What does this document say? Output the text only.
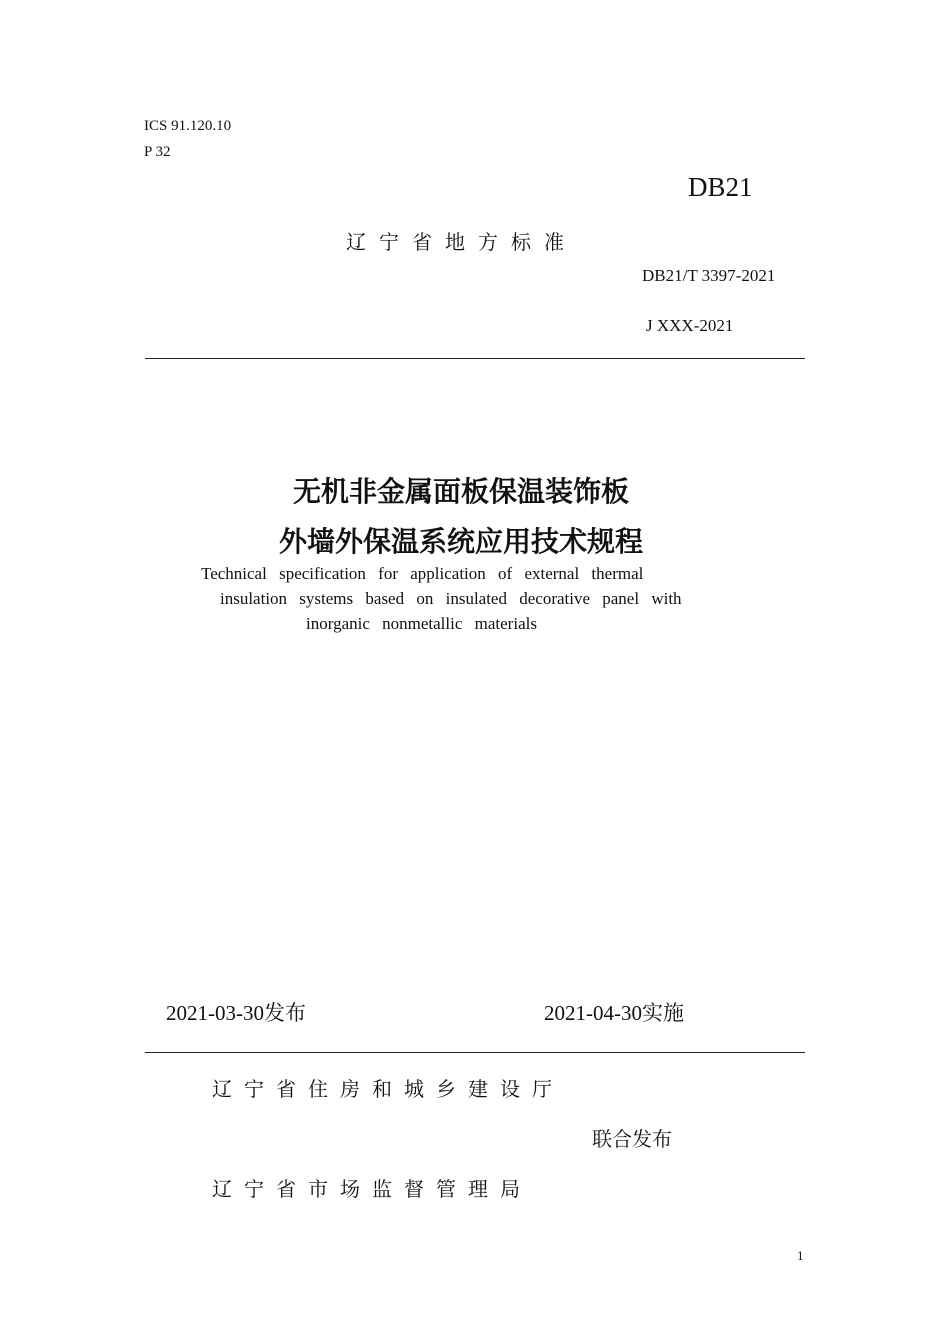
ICS 91.120.10
P 32
DB21
辽宁省地方标准
DB21/T 3397-2021
J XXX-2021
无机非金属面板保温装饰板
外墙外保温系统应用技术规程
Technical specification for application of external thermal
insulation systems based on insulated decorative panel with
inorganic nonmetallic materials
2021-03-30发布	2021-04-30实施
辽宁省住房和城乡建设厅
联合发布
辽宁省市场监督管理局
1
